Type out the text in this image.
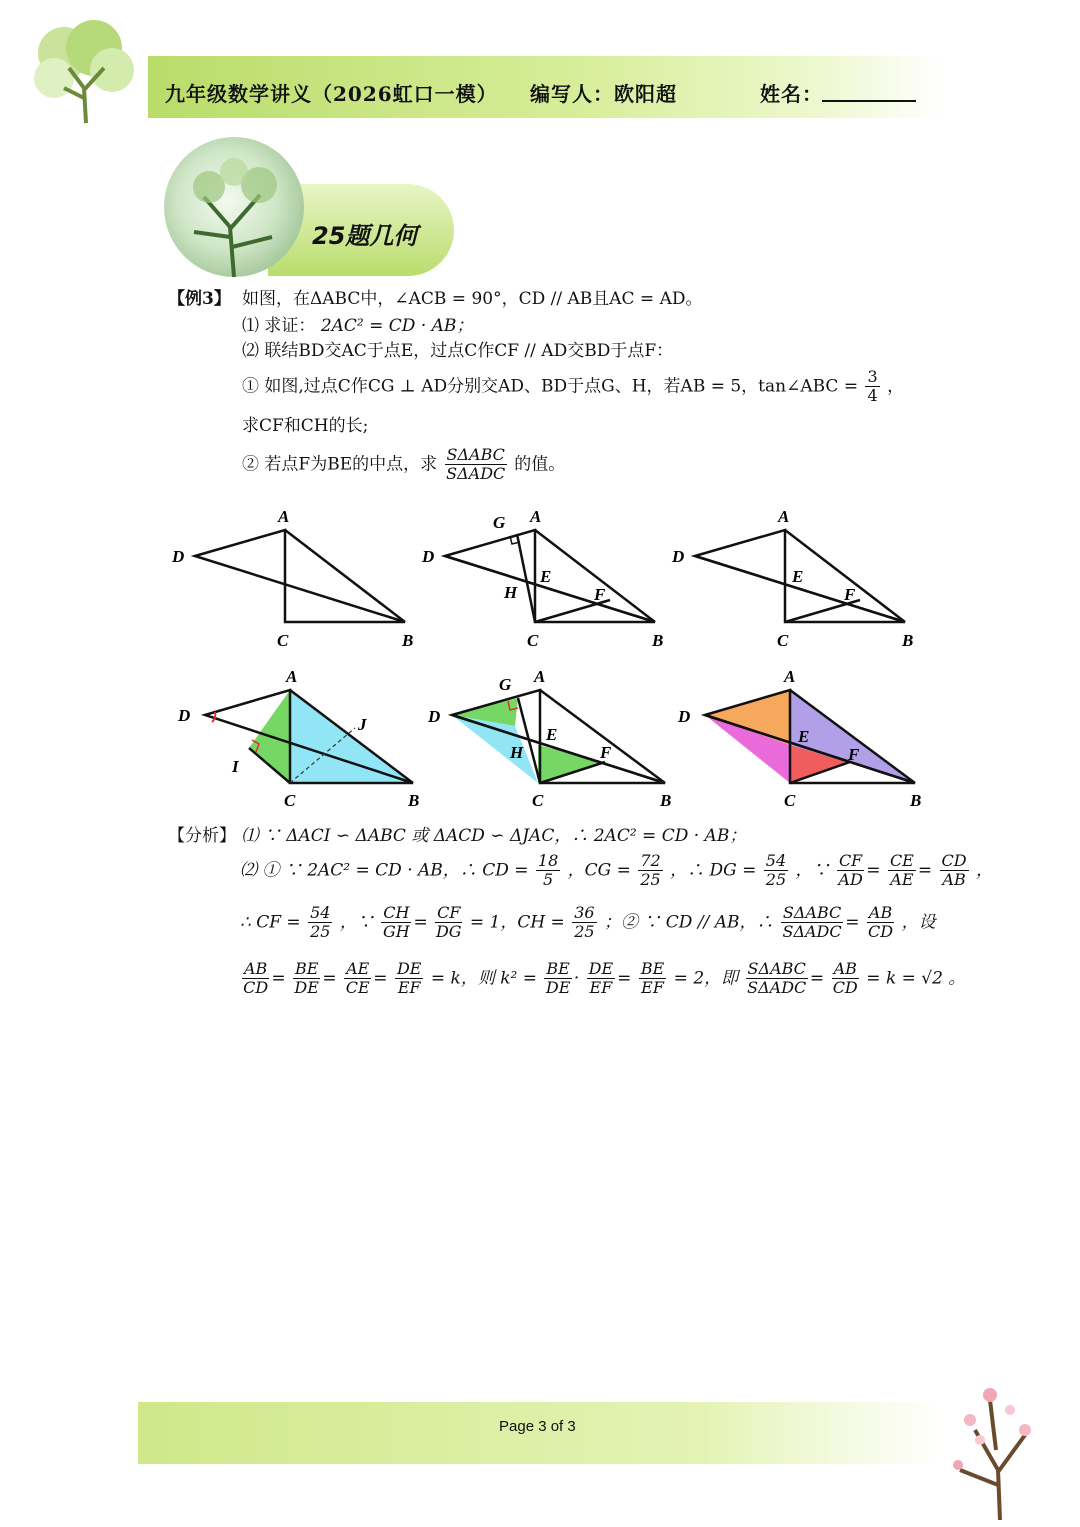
九年级数学讲义（2026虹口一模） 编写人：欧阳超	姓名：
25题几何
【例3】 如图，在ΔABC中，∠ACB = 90°，CD // AB且AC = AD。
⑴ 求证： 2AC² = CD · AB；
⑵ 联结BD交AC于点E，过点C作CF // AD交BD于点F：
① 如图,过点C作CG ⊥ AD分别交AD、BD于点G、H，若AB = 5，tan∠ABC = $\frac{3}{4}$ ，
求CF和CH的长;
② 若点F为BE的中点，求 $\frac{\text{SΔABC}}{\text{SΔADC}}$ 的值。
A
D
C	B
G A
D
E
H	F
C	B
A
D
E
F
C	B
A
D	J
I
C	B
G A
D
E
H	F
C	B
A
D
E
F
C	B
【分析】 ⑴ ∵ ΔACI ∽ ΔABC 或 ΔACD ∽ ΔJAC，∴ 2AC² = CD · AB；
⑵ ① ∵ 2AC² = CD · AB，∴ CD = $\frac{18}{5}$ ，CG = $\frac{72}{25}$ ，∴ DG = $\frac{54}{25}$ ，∵ $\frac{CF}{AD} = \frac{CE}{AE} = \frac{CD}{AB}$ ，
∴ CF = $\frac{54}{25}$ ，∵ $\frac{CH}{GH} = \frac{CF}{DG} = 1$，CH = $\frac{36}{25}$ ；② ∵ CD // AB，∴ $\frac{\text{SΔABC}}{\text{SΔADC}} = \frac{AB}{CD}$ ，设
$\frac{AB}{CD} = \frac{BE}{DE} = \frac{AE}{CE} = \frac{DE}{EF} = k$，则 $k^2 = \frac{BE}{DE} \cdot \frac{DE}{EF} = \frac{BE}{EF} = 2$，即 $\frac{\text{SΔABC}}{\text{SΔADC}} = \frac{AB}{CD} = k = √2$ 。
Page 3 of 3
